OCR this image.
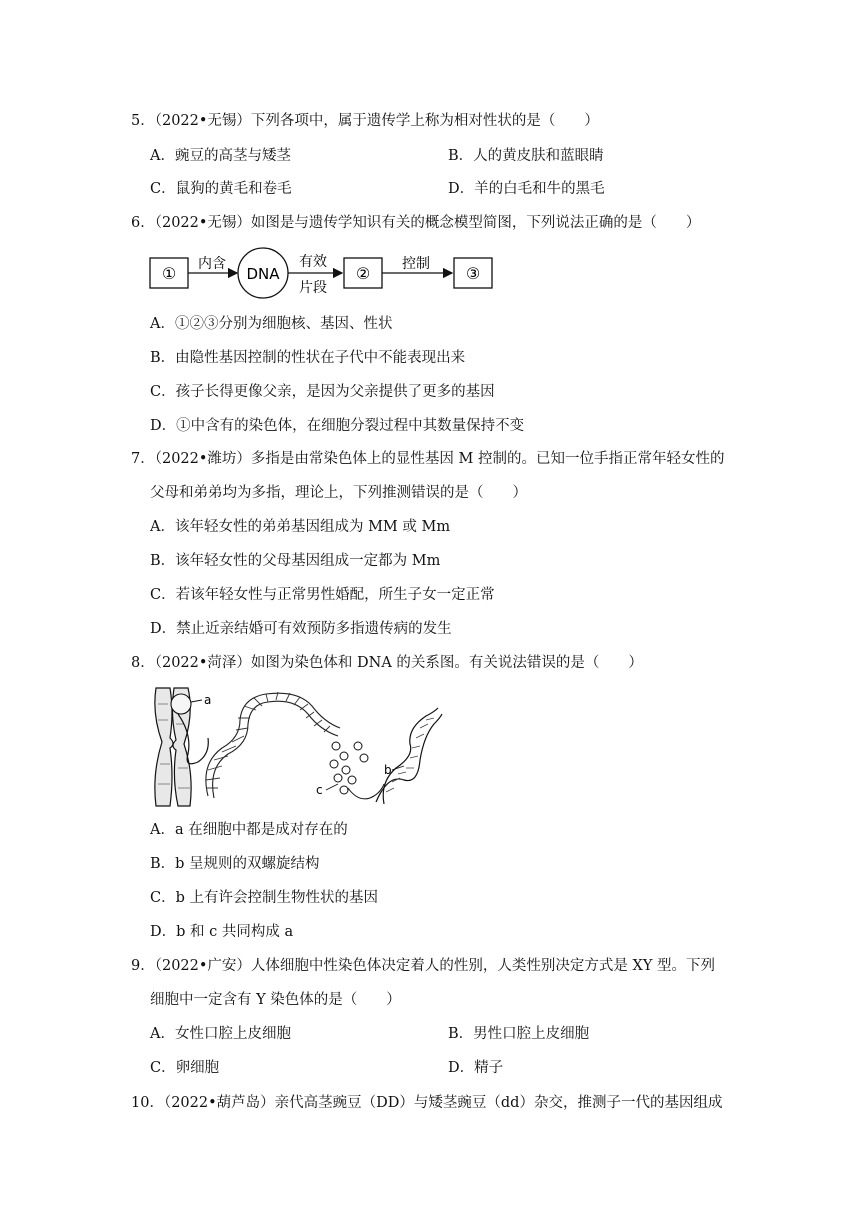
5．（2022•无锡）下列各项中，属于遗传学上称为相对性状的是（　　）
A．豌豆的高茎与矮茎	B．人的黄皮肤和蓝眼睛
C．鼠狗的黄毛和卷毛	D．羊的白毛和牛的黑毛
6．（2022•无锡）如图是与遗传学知识有关的概念模型简图，下列说法正确的是（　　）
① 内含
DNA
有效
片段
② 控制 ③
A．①②③分别为细胞核、基因、性状
B．由隐性基因控制的性状在子代中不能表现出来
C．孩子长得更像父亲，是因为父亲提供了更多的基因
D．①中含有的染色体，在细胞分裂过程中其数量保持不变
7．（2022•潍坊）多指是由常染色体上的显性基因 M 控制的。已知一位手指正常年轻女性的
父母和弟弟均为多指，理论上，下列推测错误的是（　　）
A．该年轻女性的弟弟基因组成为 MM 或 Mm
B．该年轻女性的父母基因组成一定都为 Mm
C．若该年轻女性与正常男性婚配，所生子女一定正常
D．禁止近亲结婚可有效预防多指遗传病的发生
8．（2022•菏泽）如图为染色体和 DNA 的关系图。有关说法错误的是（　　）
a
c
b
A．a 在细胞中都是成对存在的
B．b 呈规则的双螺旋结构
C．b 上有许会控制生物性状的基因
D．b 和 c 共同构成 a
9．（2022•广安）人体细胞中性染色体决定着人的性别，人类性别决定方式是 XY 型。下列
细胞中一定含有 Y 染色体的是（　　）
A．女性口腔上皮细胞	B．男性口腔上皮细胞
C．卵细胞	D．精子
10．（2022•葫芦岛）亲代高茎豌豆（DD）与矮茎豌豆（dd）杂交，推测子一代的基因组成
